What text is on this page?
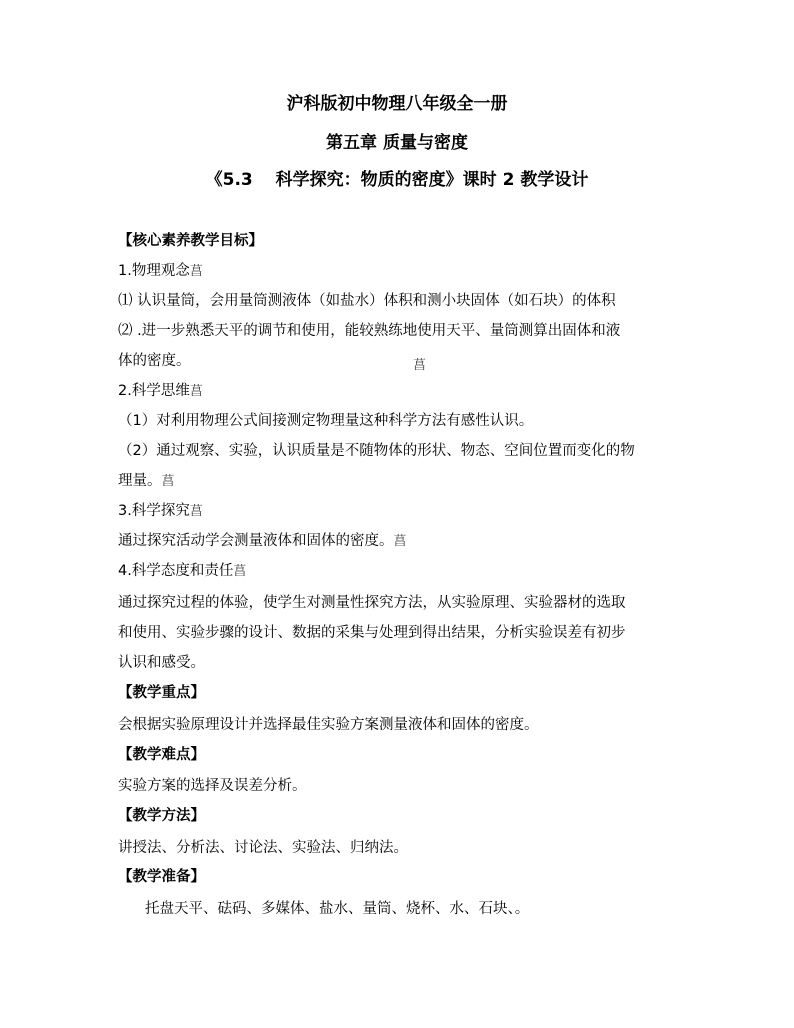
沪科版初中物理八年级全一册
第五章 质量与密度
《5.3　 科学探究：物质的密度》课时 2 教学设计
【核心素养教学目标】
1.物理观念菖
⑴ 认识量筒，会用量筒测液体（如盐水）体积和测小块固体（如石块）的体积
⑵ .进一步熟悉天平的调节和使用，能较熟练地使用天平、量筒测算出固体和液
体的密度。	菖
2.科学思维菖
（1）对利用物理公式间接测定物理量这种科学方法有感性认识。
（2）通过观察、实验，认识质量是不随物体的形状、物态、空间位置而变化的物
理量。菖
3.科学探究菖
通过探究活动学会测量液体和固体的密度。菖
4.科学态度和责任菖
通过探究过程的体验，使学生对测量性探究方法，从实验原理、实验器材的选取
和使用、实验步骤的设计、数据的采集与处理到得出结果，分析实验误差有初步
认识和感受。
【教学重点】
会根据实验原理设计并选择最佳实验方案测量液体和固体的密度。
【教学难点】
实验方案的选择及误差分析。
【教学方法】
讲授法、分析法、讨论法、实验法、归纳法。
【教学准备】
托盘天平、砝码、多媒体、盐水、量筒、烧杯、水、石块、。
